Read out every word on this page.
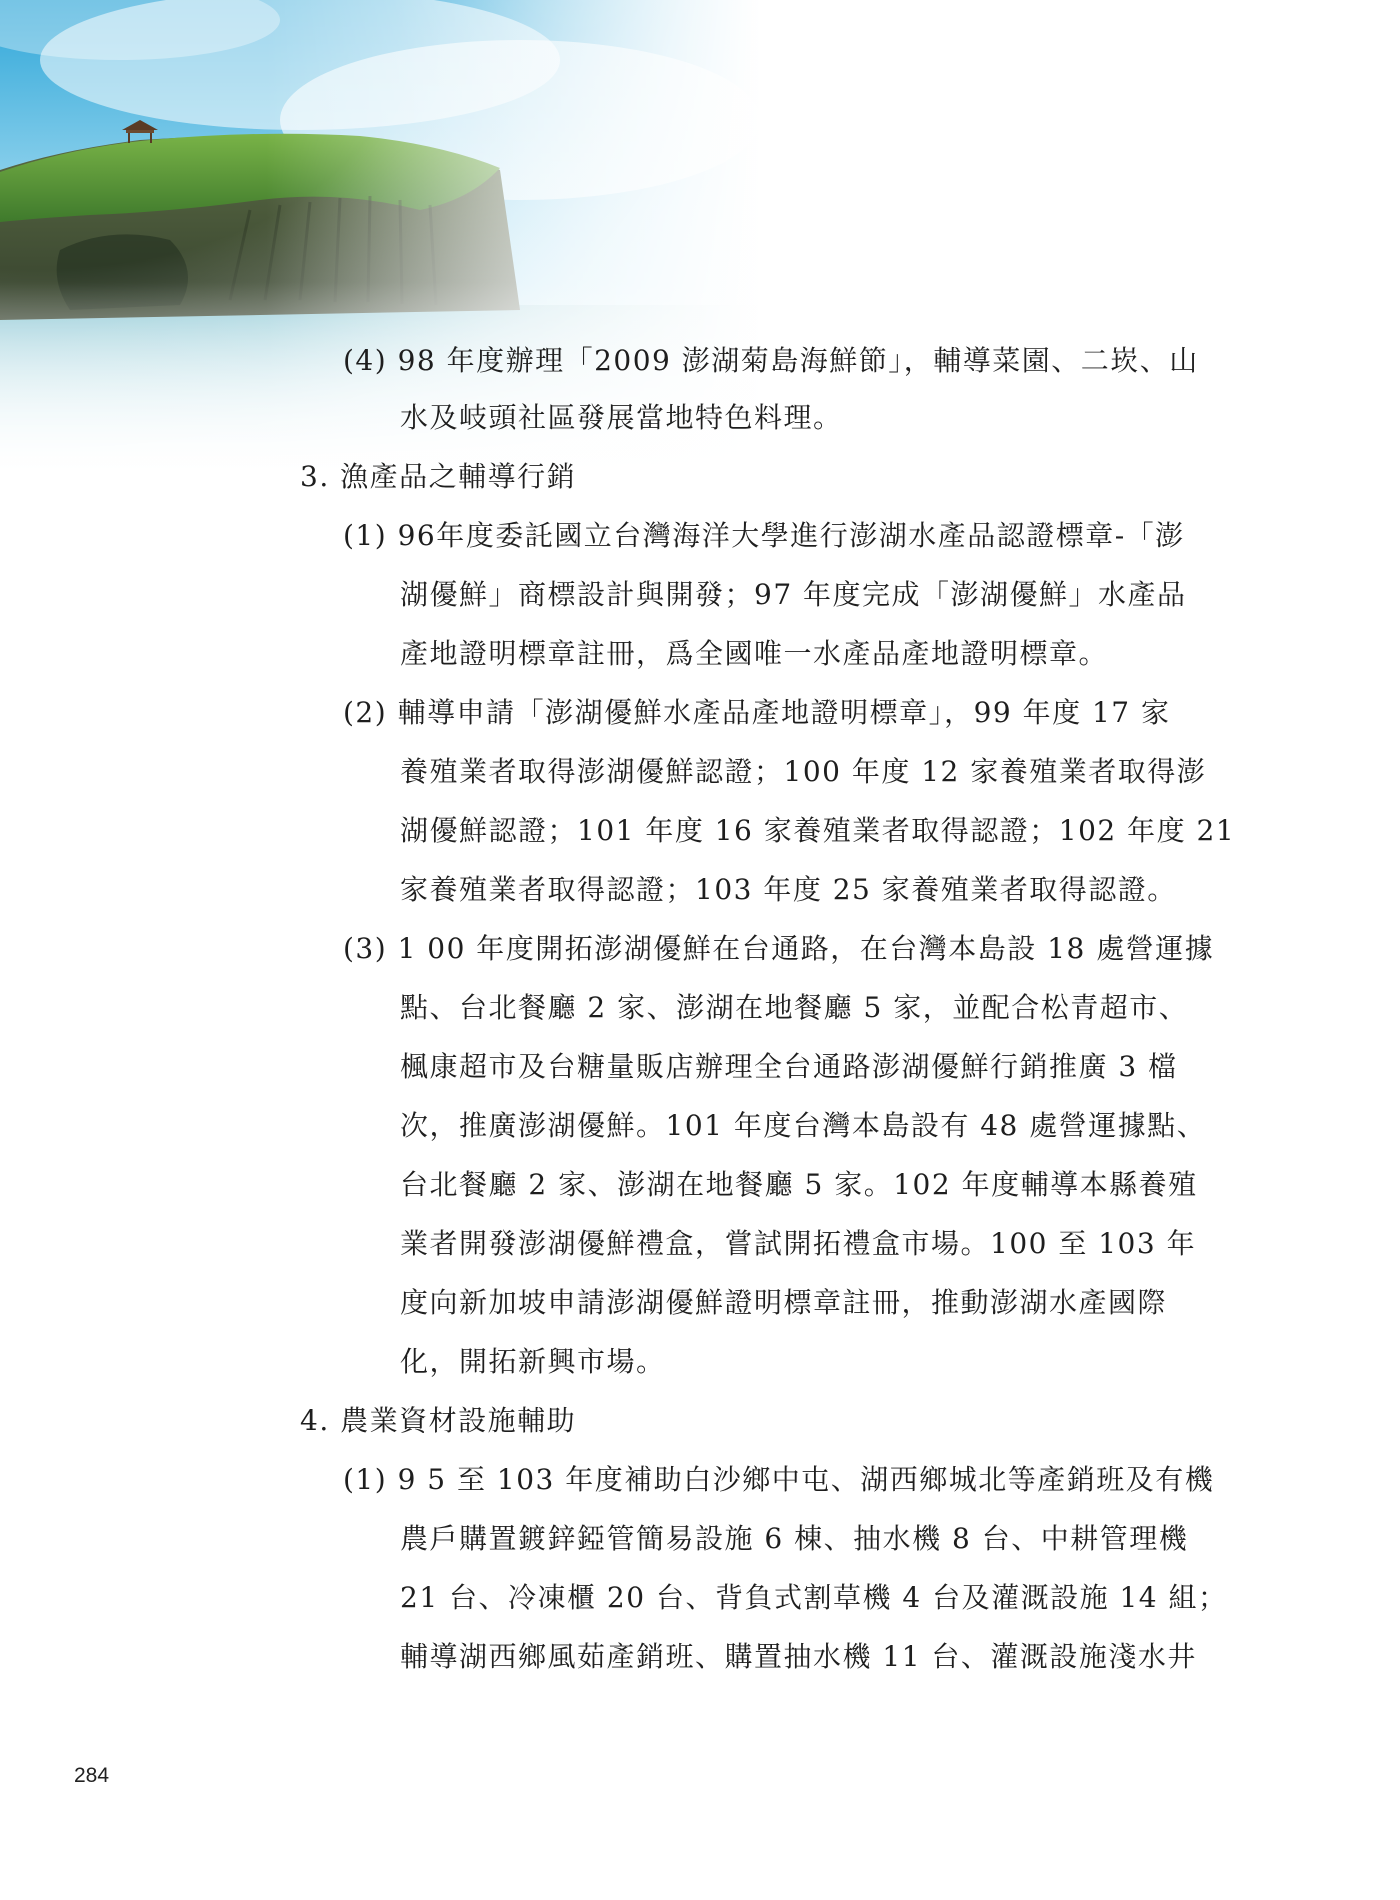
(4) 98 年度辦理「2009 澎湖菊島海鮮節」，輔導菜園、二崁、山
水及岐頭社區發展當地特色料理。
3. 漁產品之輔導行銷
(1) 96年度委託國立台灣海洋大學進行澎湖水產品認證標章-「澎
湖優鮮」商標設計與開發；97 年度完成「澎湖優鮮」水產品
產地證明標章註冊，爲全國唯一水產品產地證明標章。
(2) 輔導申請「澎湖優鮮水產品產地證明標章」，99 年度 17 家
養殖業者取得澎湖優鮮認證；100 年度 12 家養殖業者取得澎
湖優鮮認證；101 年度 16 家養殖業者取得認證；102 年度 21
家養殖業者取得認證；103 年度 25 家養殖業者取得認證。
(3) 1 00 年度開拓澎湖優鮮在台通路，在台灣本島設 18 處營運據
點、台北餐廳 2 家、澎湖在地餐廳 5 家，並配合松青超市、
楓康超市及台糖量販店辦理全台通路澎湖優鮮行銷推廣 3 檔
次，推廣澎湖優鮮。101 年度台灣本島設有 48 處營運據點、
台北餐廳 2 家、澎湖在地餐廳 5 家。102 年度輔導本縣養殖
業者開發澎湖優鮮禮盒，嘗試開拓禮盒市場。100 至 103 年
度向新加坡申請澎湖優鮮證明標章註冊，推動澎湖水產國際
化，開拓新興市場。
4. 農業資材設施輔助
(1) 9 5 至 103 年度補助白沙鄉中屯、湖西鄉城北等產銷班及有機
農戶購置鍍鋅錏管簡易設施 6 棟、抽水機 8 台、中耕管理機
21 台、冷凍櫃 20 台、背負式割草機 4 台及灌溉設施 14 組；
輔導湖西鄉風茹產銷班、購置抽水機 11 台、灌溉設施淺水井
284
